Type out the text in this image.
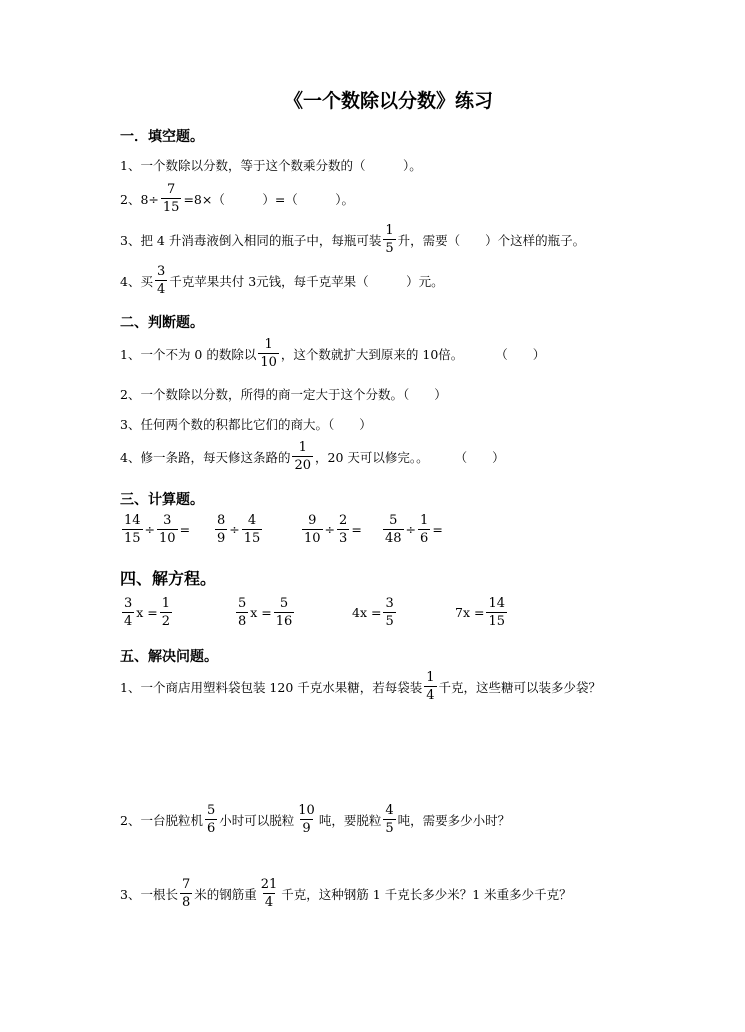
《一个数除以分数》练习
一．填空题。
1、一个数除以分数，等于这个数乘分数的（　　　）。
2、$8\div \frac{7}{15} =8\times$（　　　）=（　　　）。
3、把 4 升消毒液倒入相同的瓶子中，每瓶可装 $\frac{1}{5}$ 升，需要（　　）个这样的瓶子。
4、买 $\frac{3}{4}$ 千克苹果共付 3元钱，每千克苹果（　　　）元。
二、判断题。
1、一个不为 0 的数除以 $\frac{1}{10}$ ，这个数就扩大到原来的 10倍。	（　　）
2、一个数除以分数，所得的商一定大于这个分数。（　　）
3、任何两个数的积都比它们的商大。（　　）
4、修一条路，每天修这条路的 $\frac{1}{20}$ ，20 天可以修完。。 （　　）
三、计算题。
$\frac{14}{15} \div \frac{3}{10} = \frac{8}{9} \div \frac{4}{15}$	$\frac{9}{10} \div \frac{2}{3} = \frac{5}{48} \div \frac{1}{6}$ =
四、解方程。
$\frac{3}{4}$ $x = \frac{1}{2}$	$\frac{5}{8}$ $x = \frac{5}{16}$	$4x = \frac{3}{5}$	$7x = \frac{14}{15}$
五、解决问题。
1、一个商店用塑料袋包装 120 千克水果糖，若每袋装 $\frac{1}{4}$ 千克，这些糖可以装多少袋？
2、一台脱粒机 $\frac{5}{6}$ 小时可以脱粒 $\frac{10}{9}$ 吨，要脱粒 $\frac{4}{5}$ 吨，需要多少小时？
3、一根长 $\frac{7}{8}$ 米的钢筋重 $\frac{21}{4}$ 千克，这种钢筋 1 千克长多少米？1 米重多少千克？
